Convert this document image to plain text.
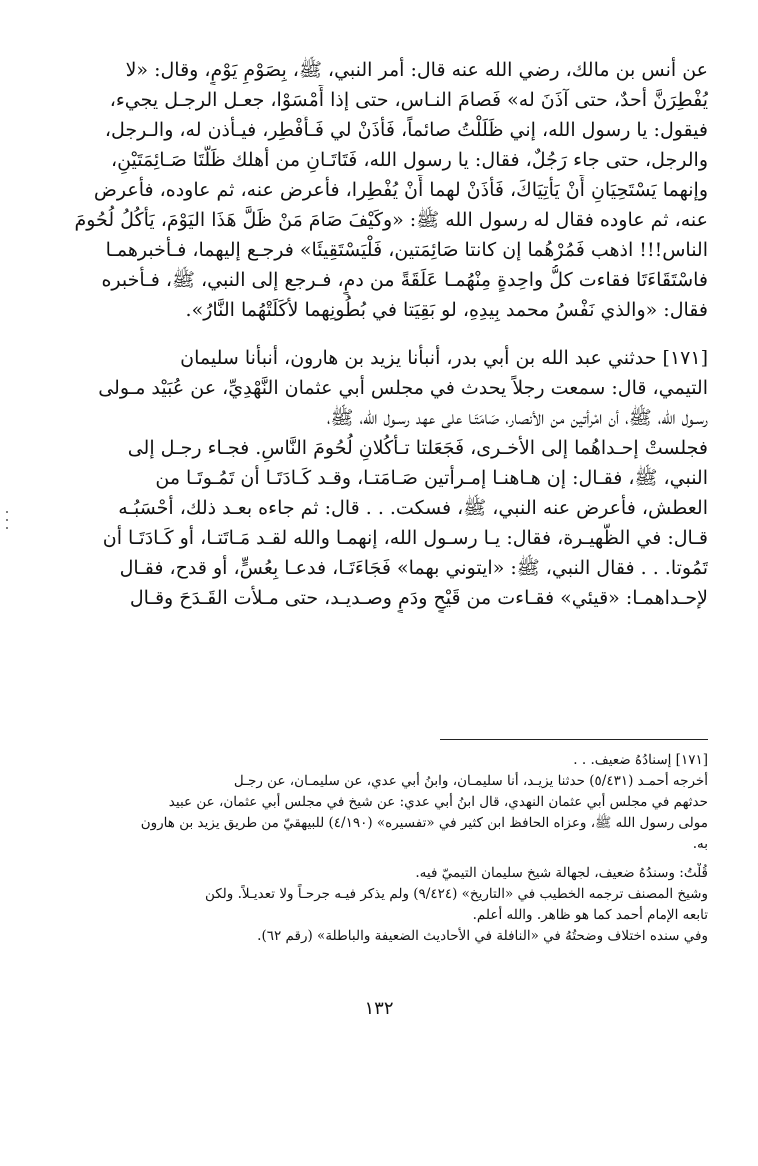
عن أنس بن مالك، رضي الله عنه قال: أمر النبي، ﷺ، بِصَوْمِ يَوْمٍ، وقال: «لا
يُفْطِرَنَّ أحدٌ، حتى آذَنَ له» فَصامَ النـاس، حتى إذا أَمْسَوْا، جعـل الرجـل يجيء،
فيقول: يا رسول الله، إني ظَلَلْتُ صائماً، فَأْذَنْ لي فَـأُفْطِر، فيـأذن له، والـرجل،
والرجل، حتى جاء رَجُلٌ، فقال: يا رسول الله، فَتَاتَـانِ من أهلك ظَلَّتَا صَـائِمَتَيْنِ،
وإنهما يَسْتَحِيَانِ أَنْ يَأْتِيَاكَ، فَأْذَنْ لهما أَنْ يُفْطِرا، فأعرض عنه، ثم عاوده، فأعرض
عنه، ثم عاوده فقال له رسول الله ﷺ: «وكَيْفَ صَامَ مَنْ ظَلَّ هَذَا اليَوْمَ، يَأْكُلُ لُحُومَ
الناس!!! اذهب فَمُرْهُما إن كانتا صَائِمَتين، فَلْيَسْتَقِيئَا» فرجـع إليهما، فـأخبرهمـا
فاسْتَقَاءَتَا فقاءت كلُّ واحِدةٍ مِنْهُمـا عَلَقَةً من دمٍ، فـرجع إلى النبي، ﷺ، فـأخبره
فقال: «والذي نَفْسُ محمد بِيدِهِ، لو بَقِيَتا في بُطُونِهما لأكَلَتْهُما النَّارُ».
[١٧١] حدثني عبد الله بن أبي بدر، أنبأنا يزيد بن هارون، أنبأنا سليمان
التيمي، قال: سمعت رجلاً يحدث في مجلس أبي عثمان النَّهْدِيِّ، عن عُبَيْد مـولى
رسـول الله، ﷺ، أن امْرأتين من الأنصار، صَامَتَـا على عهد رسـول الله، ﷺ،
فجلستْ إحـداهُما إلى الأخـرى، فَجَعَلتا تـأْكُلانِ لُحُومَ النَّاسِ. فجـاء رجـل إلى
النبي، ﷺ، فقـال: إن هـاهنـا إمـرأتين صَـامَتـا، وقـد كَـادَتَـا أن تَمُـوتَـا من
العطش، فأعرض عنه النبي، ﷺ، فسكت. . . قال: ثم جاءه بعـد ذلك، أحْسَبُـه
قـال: في الظَّهيـرة، فقال: يـا رسـول الله، إنهمـا والله لقـد مَـاتَتـا، أو كَـادَتَـا أن
تَمُوتا. . . فقال النبي، ﷺ: «ايتوني بهما» فَجَاءَتَـا، فدعـا بِعُسٍّ، أو قدح، فقـال
لإحـداهمـا: «قيئي» فقـاءت من قَيْحٍ ودَمٍ وصـديـد، حتى مـلأت القَـدَحَ وقـال
[١٧١] إسنادُهُ ضعيف. . .
أخرجه أحمـد (٥/٤٣١) حدثنا يزيـد، أنا سليمـان، وابنُ أبي عدي، عن سليمـان، عن رجـل
حدثهم في مجلس أبي عثمان النهدي، قال ابنُ أبي عدي: عن شيخ في مجلس أبي عثمان، عن عبيد
مولى رسول الله ﷺ، وعزاه الحافظ ابن كثير في «تفسيره» (٤/١٩٠) للبيهقيّ من طريق يزيد بن هارون
به.
قُلْتُ: وسندُهُ ضعيف، لجهالة شيخ سليمان التيميّ فيه.
وشيخ المصنف ترجمه الخطيب في «التاريخ» (٩/٤٢٤) ولم يذكر فيـه جرحـاً ولا تعديـلاً. ولكن
تابعه الإمام أحمد كما هو ظاهر. والله أعلم.
وفي سنده اختلاف وضحتُهُ في «النافلة في الأحاديث الضعيفة والباطلة» (رقم ٦٢).
١٣٢
